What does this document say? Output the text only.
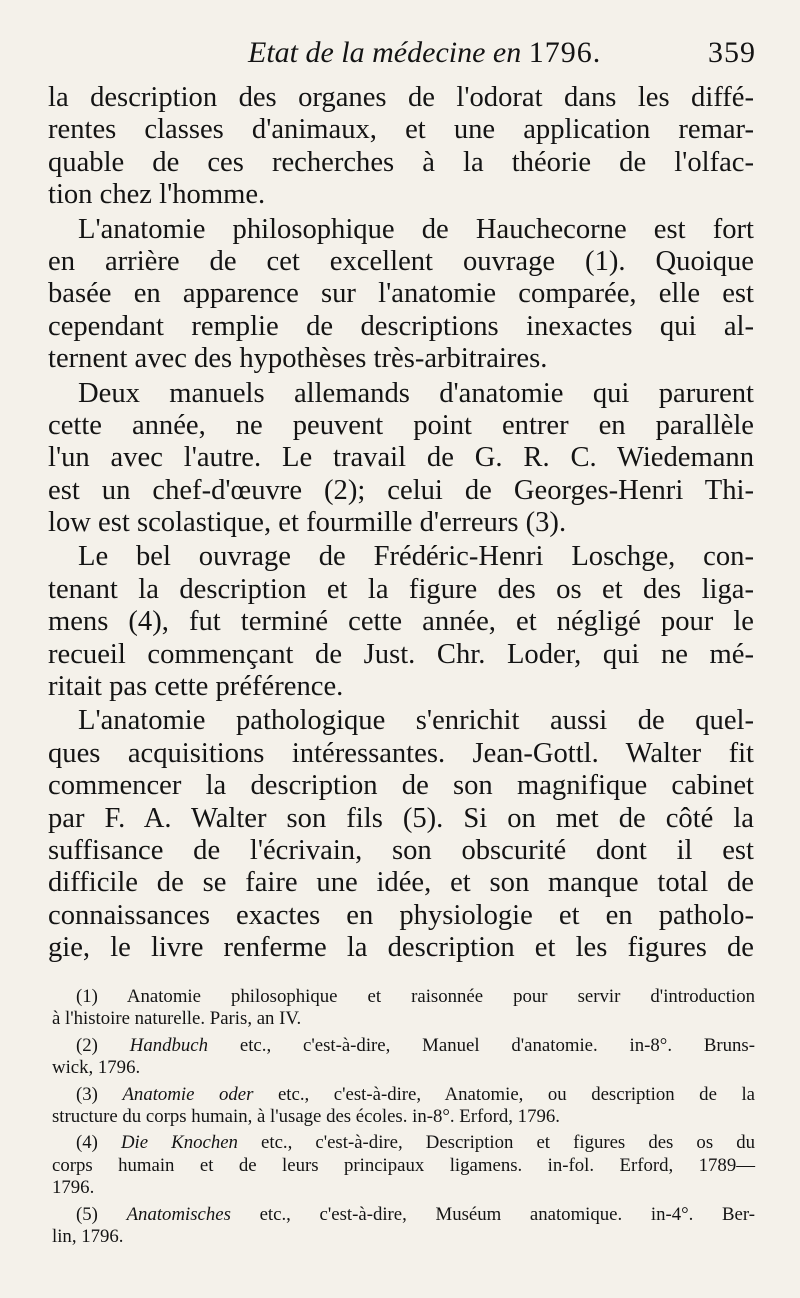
Etat de la médecine en 1796.	359
la description des organes de l'odorat dans les diffé-
rentes classes d'animaux, et une application remar-
quable de ces recherches à la théorie de l'olfac-
tion chez l'homme.
L'anatomie philosophique de Hauchecorne est fort
en arrière de cet excellent ouvrage (1). Quoique
basée en apparence sur l'anatomie comparée, elle est
cependant remplie de descriptions inexactes qui al-
ternent avec des hypothèses très-arbitraires.
Deux manuels allemands d'anatomie qui parurent
cette année, ne peuvent point entrer en parallèle
l'un avec l'autre. Le travail de G. R. C. Wiedemann
est un chef-d'œuvre (2); celui de Georges-Henri Thi-
low est scolastique, et fourmille d'erreurs (3).
Le bel ouvrage de Frédéric-Henri Loschge, con-
tenant la description et la figure des os et des liga-
mens (4), fut terminé cette année, et négligé pour le
recueil commençant de Just. Chr. Loder, qui ne mé-
ritait pas cette préférence.
L'anatomie pathologique s'enrichit aussi de quel-
ques acquisitions intéressantes. Jean-Gottl. Walter fit
commencer la description de son magnifique cabinet
par F. A. Walter son fils (5). Si on met de côté la
suffisance de l'écrivain, son obscurité dont il est
difficile de se faire une idée, et son manque total de
connaissances exactes en physiologie et en patholo-
gie, le livre renferme la description et les figures de
(1) Anatomie philosophique et raisonnée pour servir d'introduction
à l'histoire naturelle. Paris, an IV.
(2) Handbuch etc., c'est-à-dire, Manuel d'anatomie. in-8°. Bruns-
wick, 1796.
(3) Anatomie oder etc., c'est-à-dire, Anatomie, ou description de la
structure du corps humain, à l'usage des écoles. in-8°. Erford, 1796.
(4) Die Knochen etc., c'est-à-dire, Description et figures des os du
corps humain et de leurs principaux ligamens. in-fol. Erford, 1789—
1796.
(5) Anatomisches etc., c'est-à-dire, Muséum anatomique. in-4°. Ber-
lin, 1796.
